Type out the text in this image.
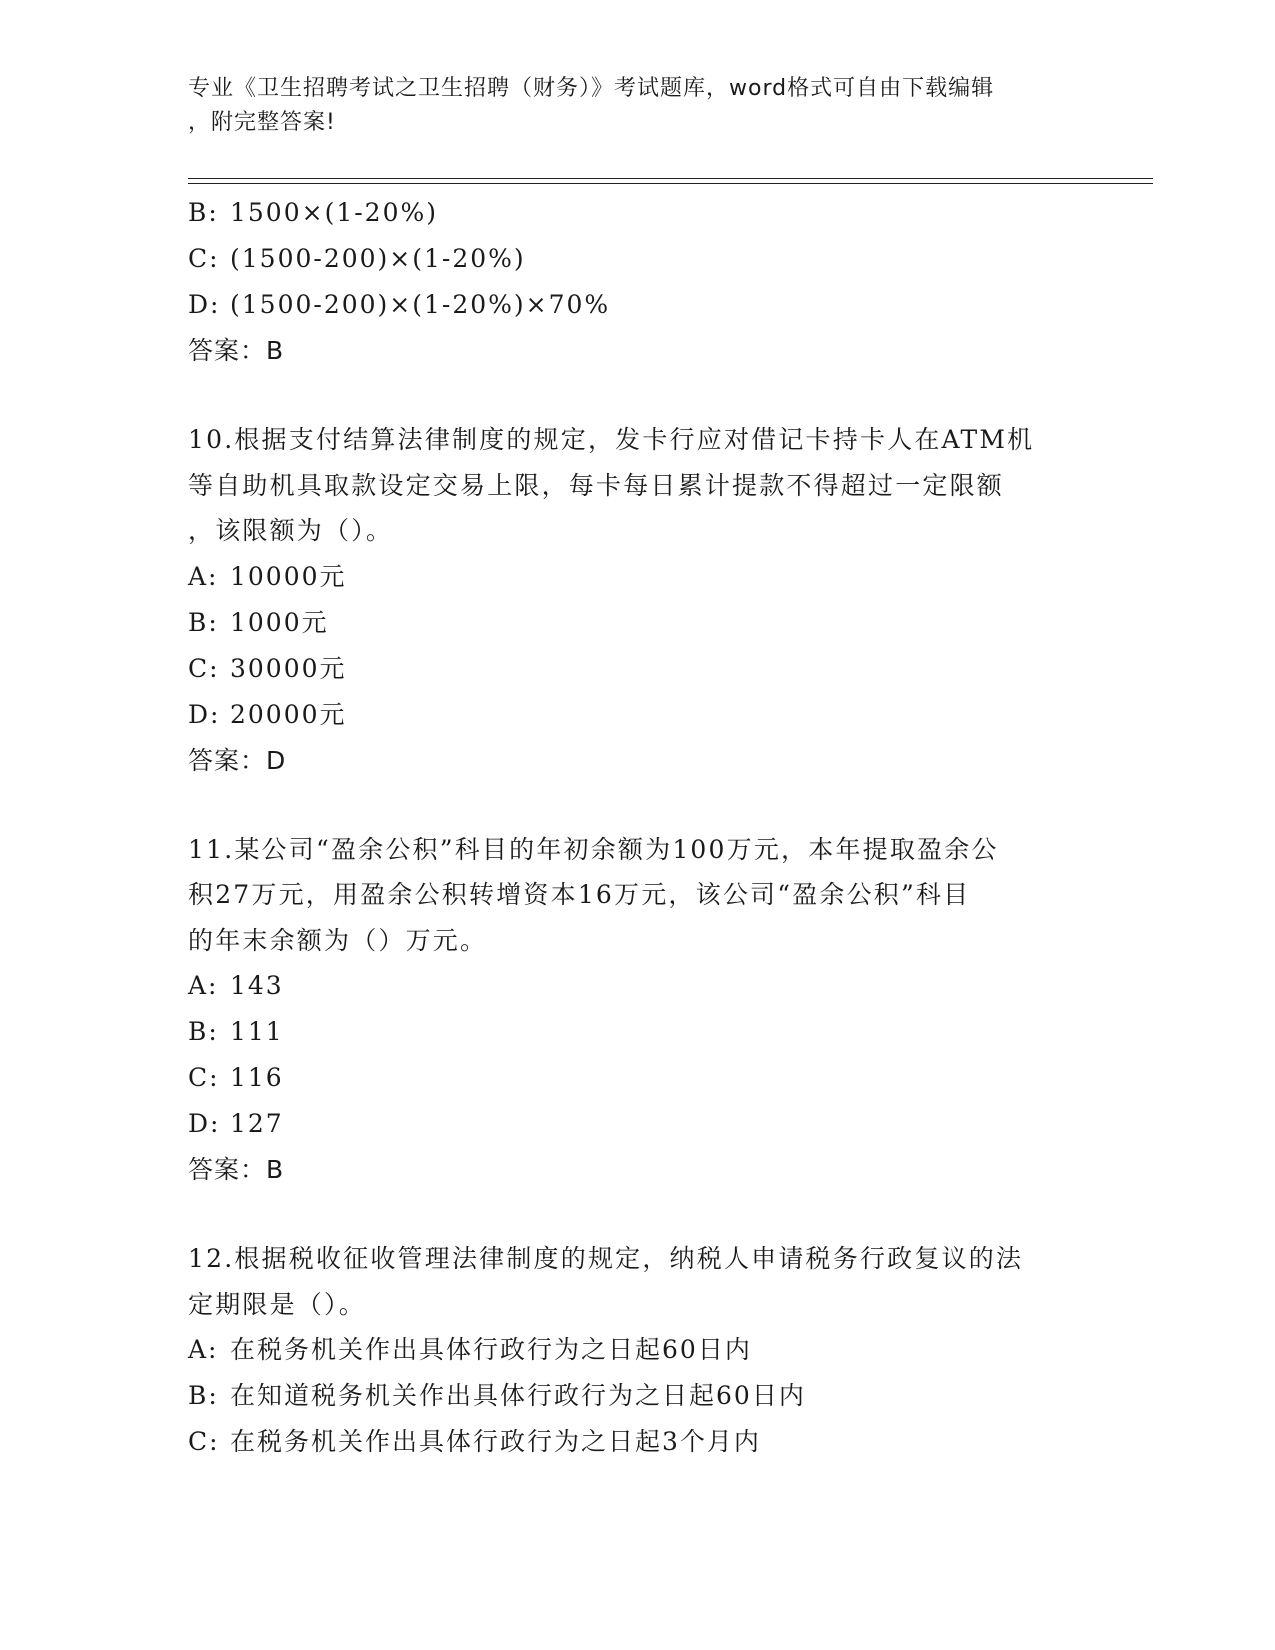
专业《卫生招聘考试之卫生招聘（财务）》考试题库，word格式可自由下载编辑
，附完整答案!
B: 1500×(1-20%)
C: (1500-200)×(1-20%)
D: (1500-200)×(1-20%)×70%
答案：B
10.根据支付结算法律制度的规定，发卡行应对借记卡持卡人在ATM机
等自助机具取款设定交易上限，每卡每日累计提款不得超过一定限额
，该限额为（）。
A: 10000元
B: 1000元
C: 30000元
D: 20000元
答案：D
11.某公司“盈余公积”科目的年初余额为100万元，本年提取盈余公
积27万元，用盈余公积转增资本16万元，该公司“盈余公积”科目
的年末余额为（）万元。
A: 143
B: 111
C: 116
D: 127
答案：B
12.根据税收征收管理法律制度的规定，纳税人申请税务行政复议的法
定期限是（）。
A: 在税务机关作出具体行政行为之日起60日内
B: 在知道税务机关作出具体行政行为之日起60日内
C: 在税务机关作出具体行政行为之日起3个月内
